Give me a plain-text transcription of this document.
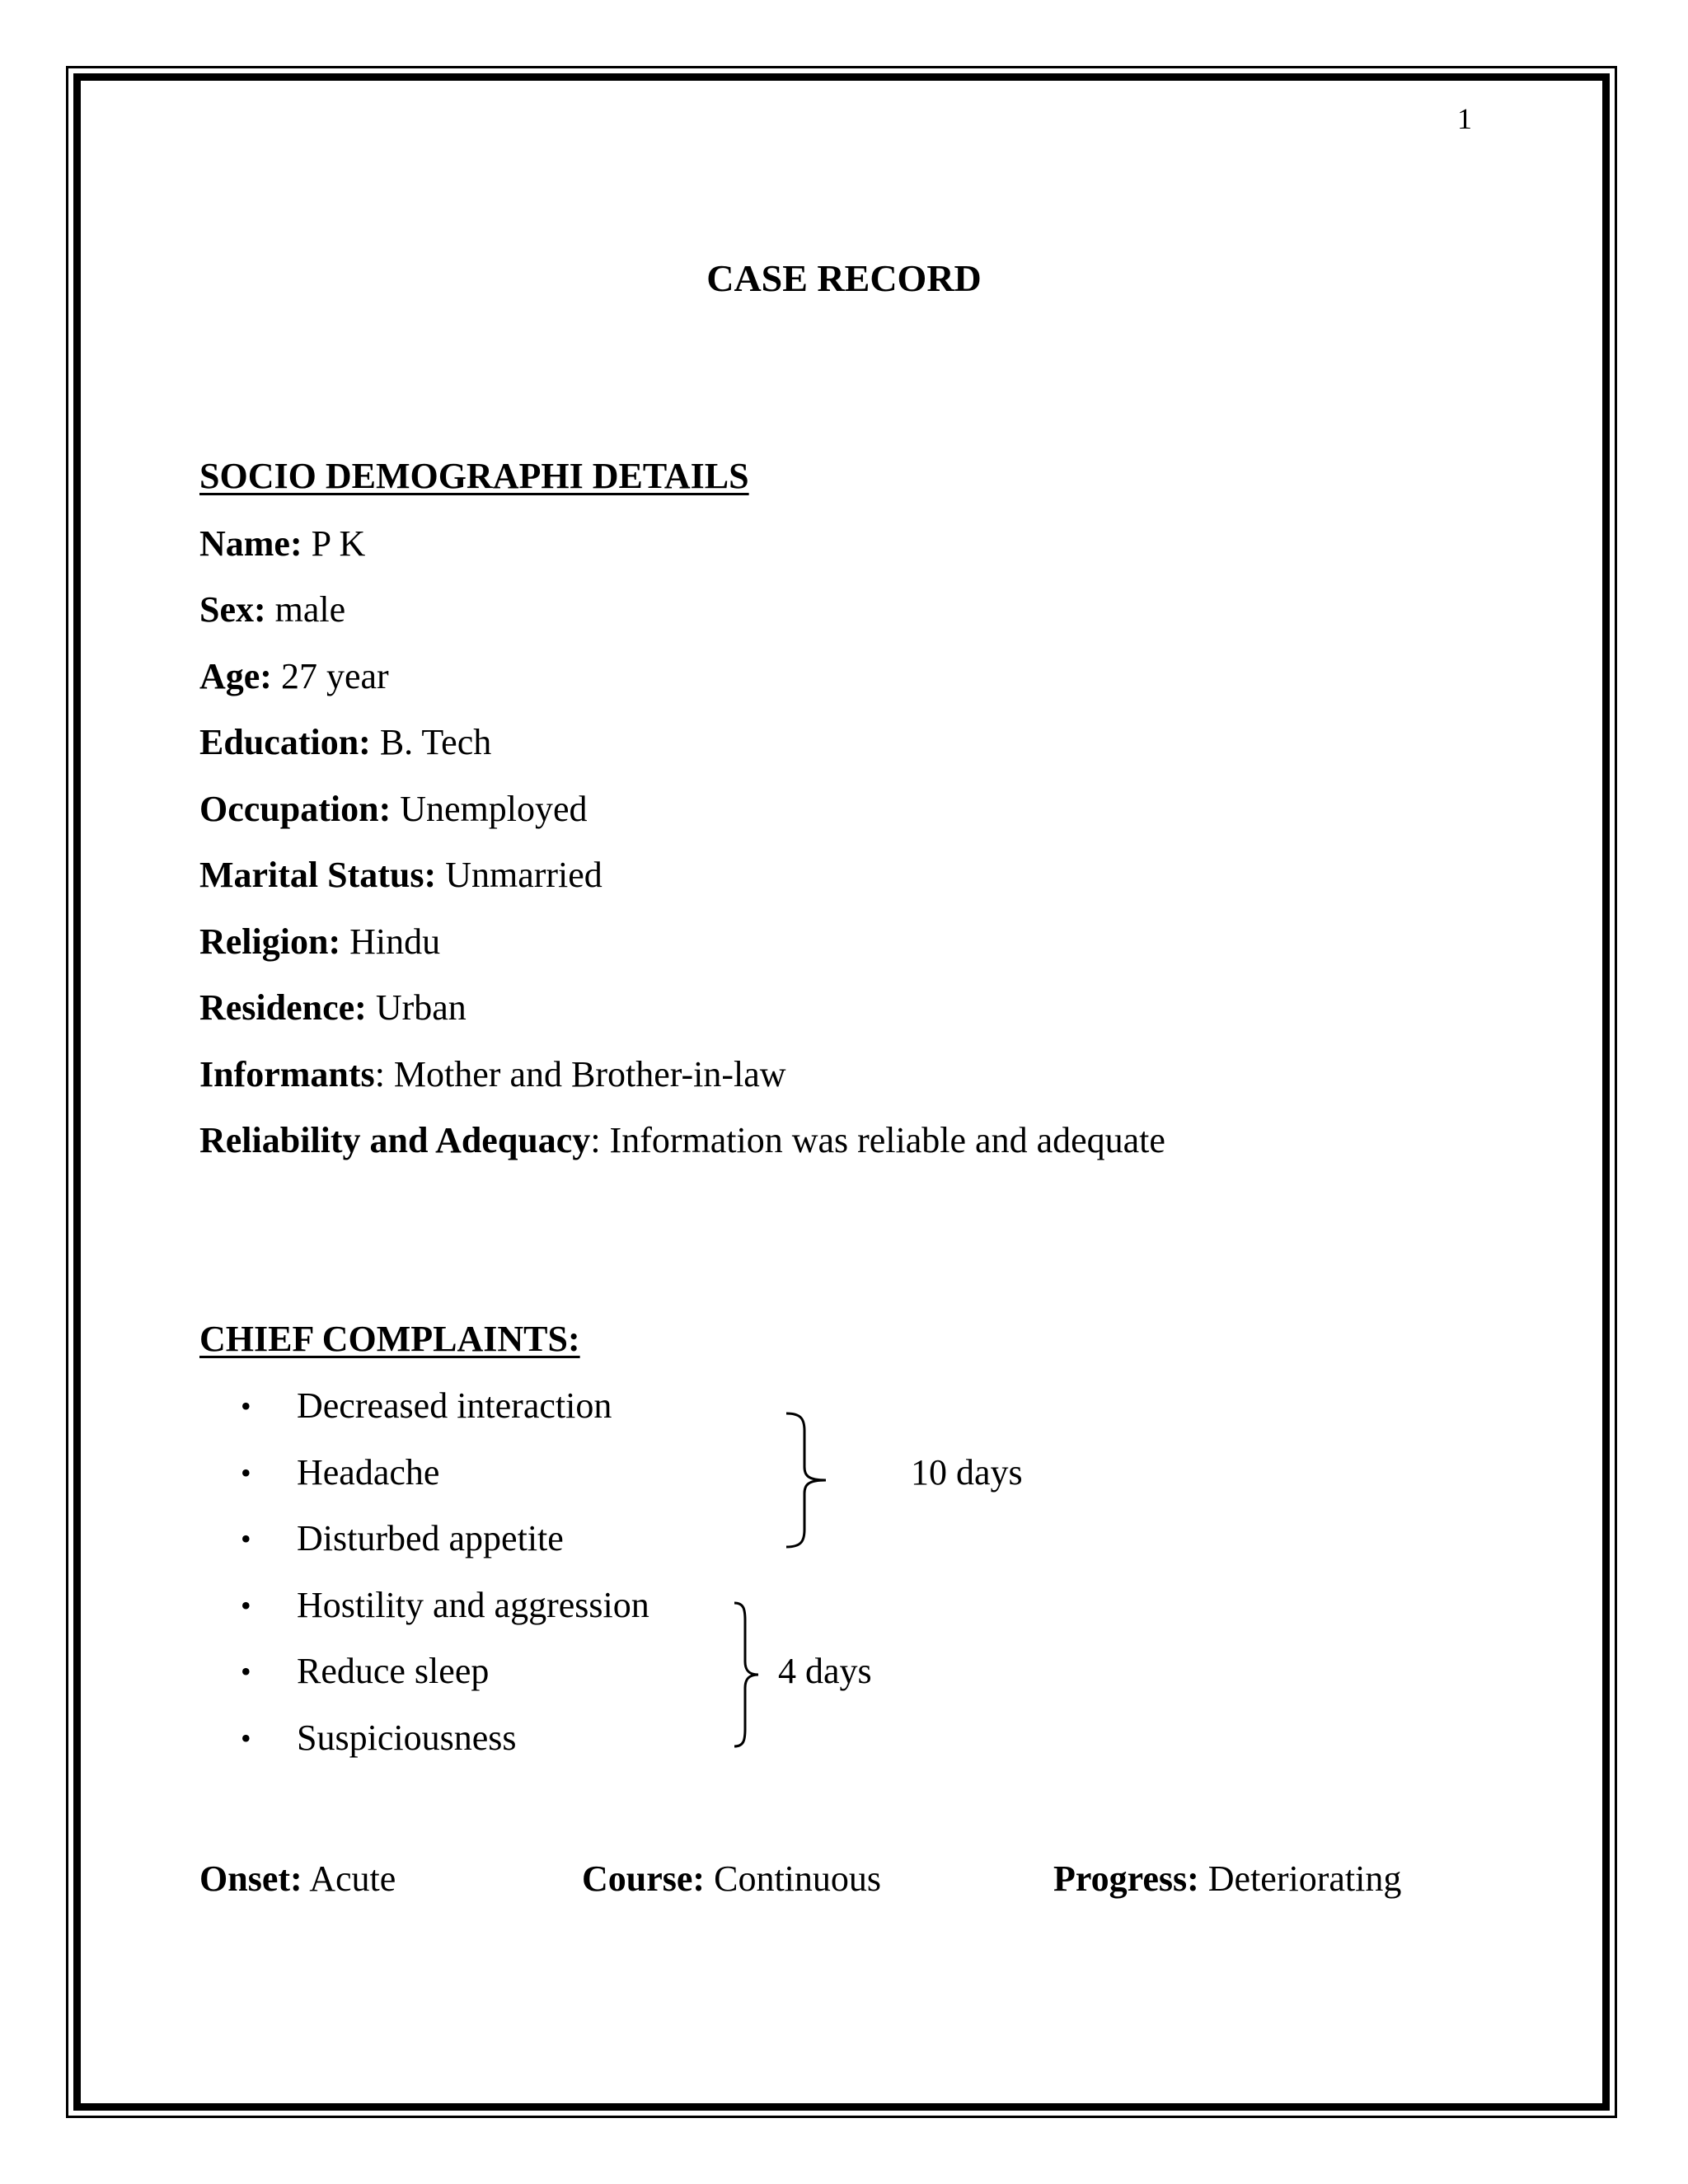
1
CASE RECORD
SOCIO DEMOGRAPHI DETAILS
Name: P K
Sex: male
Age: 27 year
Education: B. Tech
Occupation: Unemployed
Marital Status: Unmarried
Religion: Hindu
Residence: Urban
Informants: Mother and Brother-in-law
Reliability and Adequacy: Information was reliable and adequate
CHIEF COMPLAINTS:
• Decreased interaction
• Headache
• Disturbed appetite
• Hostility and aggression
• Reduce sleep
• Suspiciousness
10 days
4 days
Onset: Acute	Course: Continuous	Progress: Deteriorating
